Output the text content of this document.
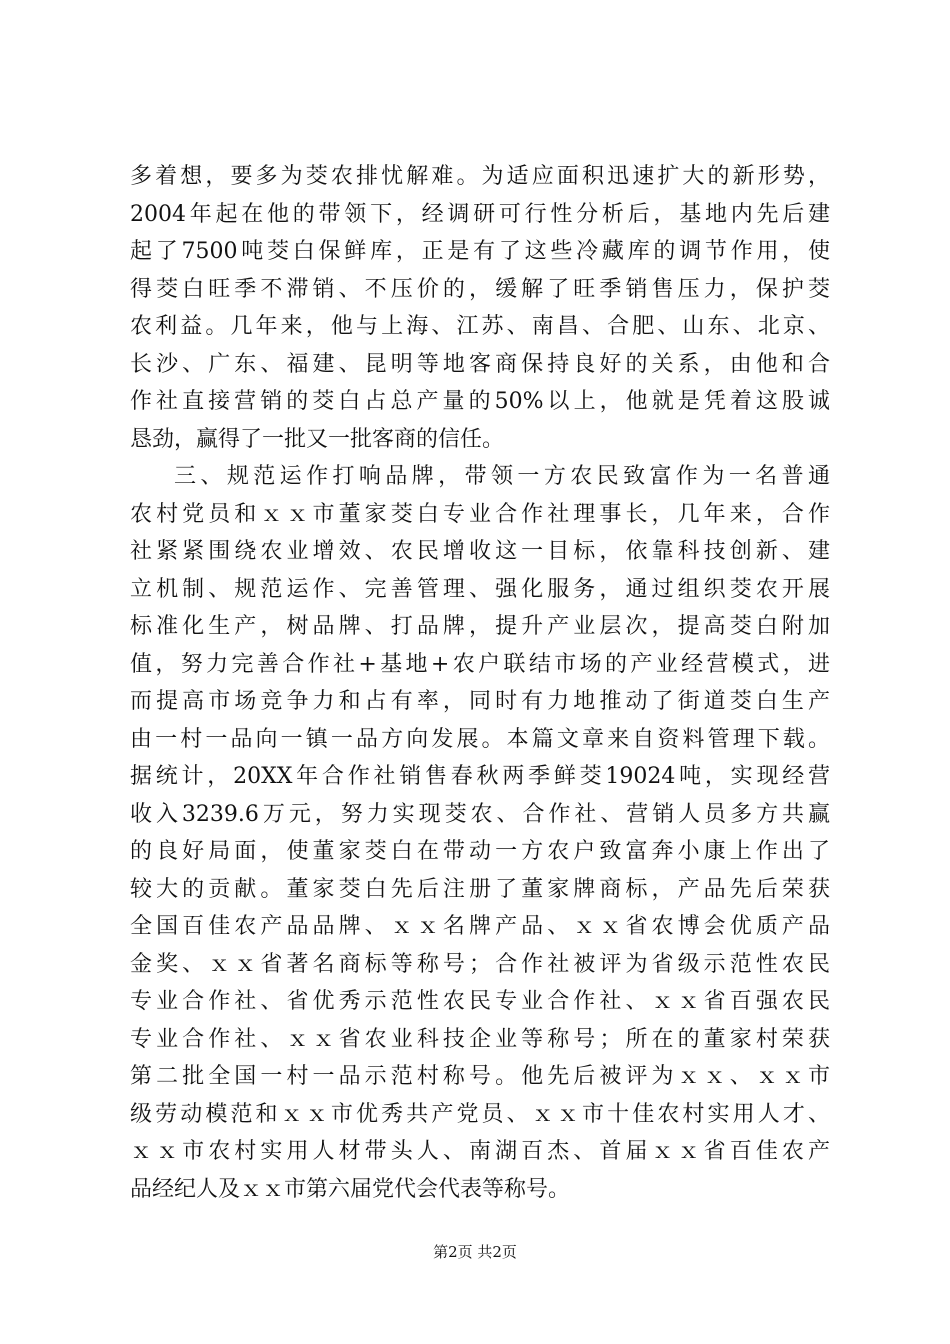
多着想，要多为茭农排忧解难。为适应面积迅速扩大的新形势，
2004年起在他的带领下，经调研可行性分析后，基地内先后建
起了7500吨茭白保鲜库，正是有了这些冷藏库的调节作用，使
得茭白旺季不滞销、不压价的，缓解了旺季销售压力，保护茭
农利益。几年来，他与上海、江苏、南昌、合肥、山东、北京、
长沙、广东、福建、昆明等地客商保持良好的关系，由他和合
作社直接营销的茭白占总产量的50%以上，他就是凭着这股诚
恳劲，赢得了一批又一批客商的信任。
三、规范运作打响品牌，带领一方农民致富作为一名普通
农村党员和ｘｘ市董家茭白专业合作社理事长，几年来，合作
社紧紧围绕农业增效、农民增收这一目标，依靠科技创新、建
立机制、规范运作、完善管理、强化服务，通过组织茭农开展
标准化生产，树品牌、打品牌，提升产业层次，提高茭白附加
值，努力完善合作社+基地+农户联结市场的产业经营模式，进
而提高市场竞争力和占有率，同时有力地推动了街道茭白生产
由一村一品向一镇一品方向发展。本篇文章来自资料管理下载。
据统计，20XX年合作社销售春秋两季鲜茭19024吨，实现经营
收入3239.6万元，努力实现茭农、合作社、营销人员多方共赢
的良好局面，使董家茭白在带动一方农户致富奔小康上作出了
较大的贡献。董家茭白先后注册了董家牌商标，产品先后荣获
全国百佳农产品品牌、ｘｘ名牌产品、ｘｘ省农博会优质产品
金奖、ｘｘ省著名商标等称号；合作社被评为省级示范性农民
专业合作社、省优秀示范性农民专业合作社、ｘｘ省百强农民
专业合作社、ｘｘ省农业科技企业等称号；所在的董家村荣获
第二批全国一村一品示范村称号。他先后被评为ｘｘ、ｘｘ市
级劳动模范和ｘｘ市优秀共产党员、ｘｘ市十佳农村实用人才、
ｘｘ市农村实用人材带头人、南湖百杰、首届ｘｘ省百佳农产
品经纪人及ｘｘ市第六届党代会代表等称号。
第2页 共2页
